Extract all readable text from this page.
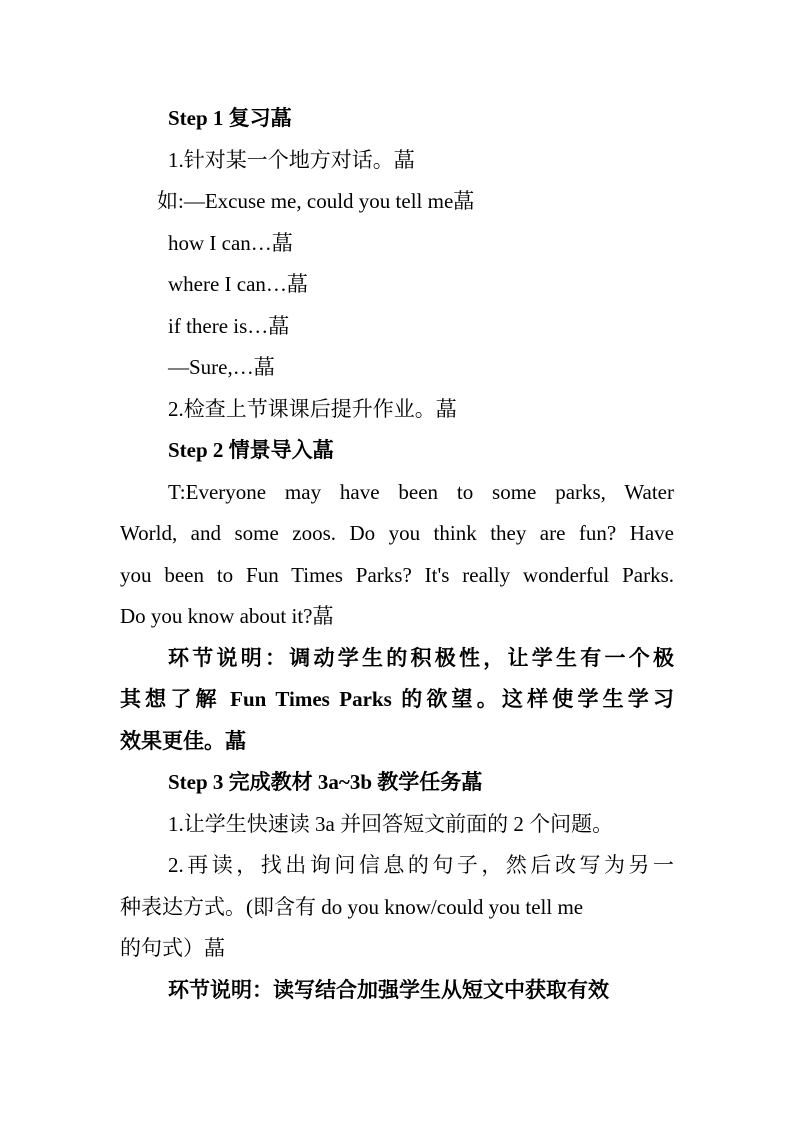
Step 1 复习蕌
1.针对某一个地方对话。蕌
如:—Excuse me, could you tell me蕌
how I can…蕌
where I can…蕌
if there is…蕌
—Sure,…蕌
2.检查上节课课后提升作业。蕌
Step 2 情景导入蕌
T:Everyone may have been to some parks, Water
World, and some zoos. Do you think they are fun? Have
you been to Fun Times Parks? It's really wonderful Parks.
Do you know about it?蕌
环节说明：调动学生的积极性，让学生有一个极
其想了解 Fun Times Parks 的欲望。这样使学生学习
效果更佳。蕌
Step 3 完成教材 3a~3b 教学任务蕌
1.让学生快速读 3a 并回答短文前面的 2 个问题。
2.再读，找出询问信息的句子，然后改写为另一
种表达方式。(即含有 do you know/could you tell me
的句式）蕌
环节说明：读写结合加强学生从短文中获取有效
